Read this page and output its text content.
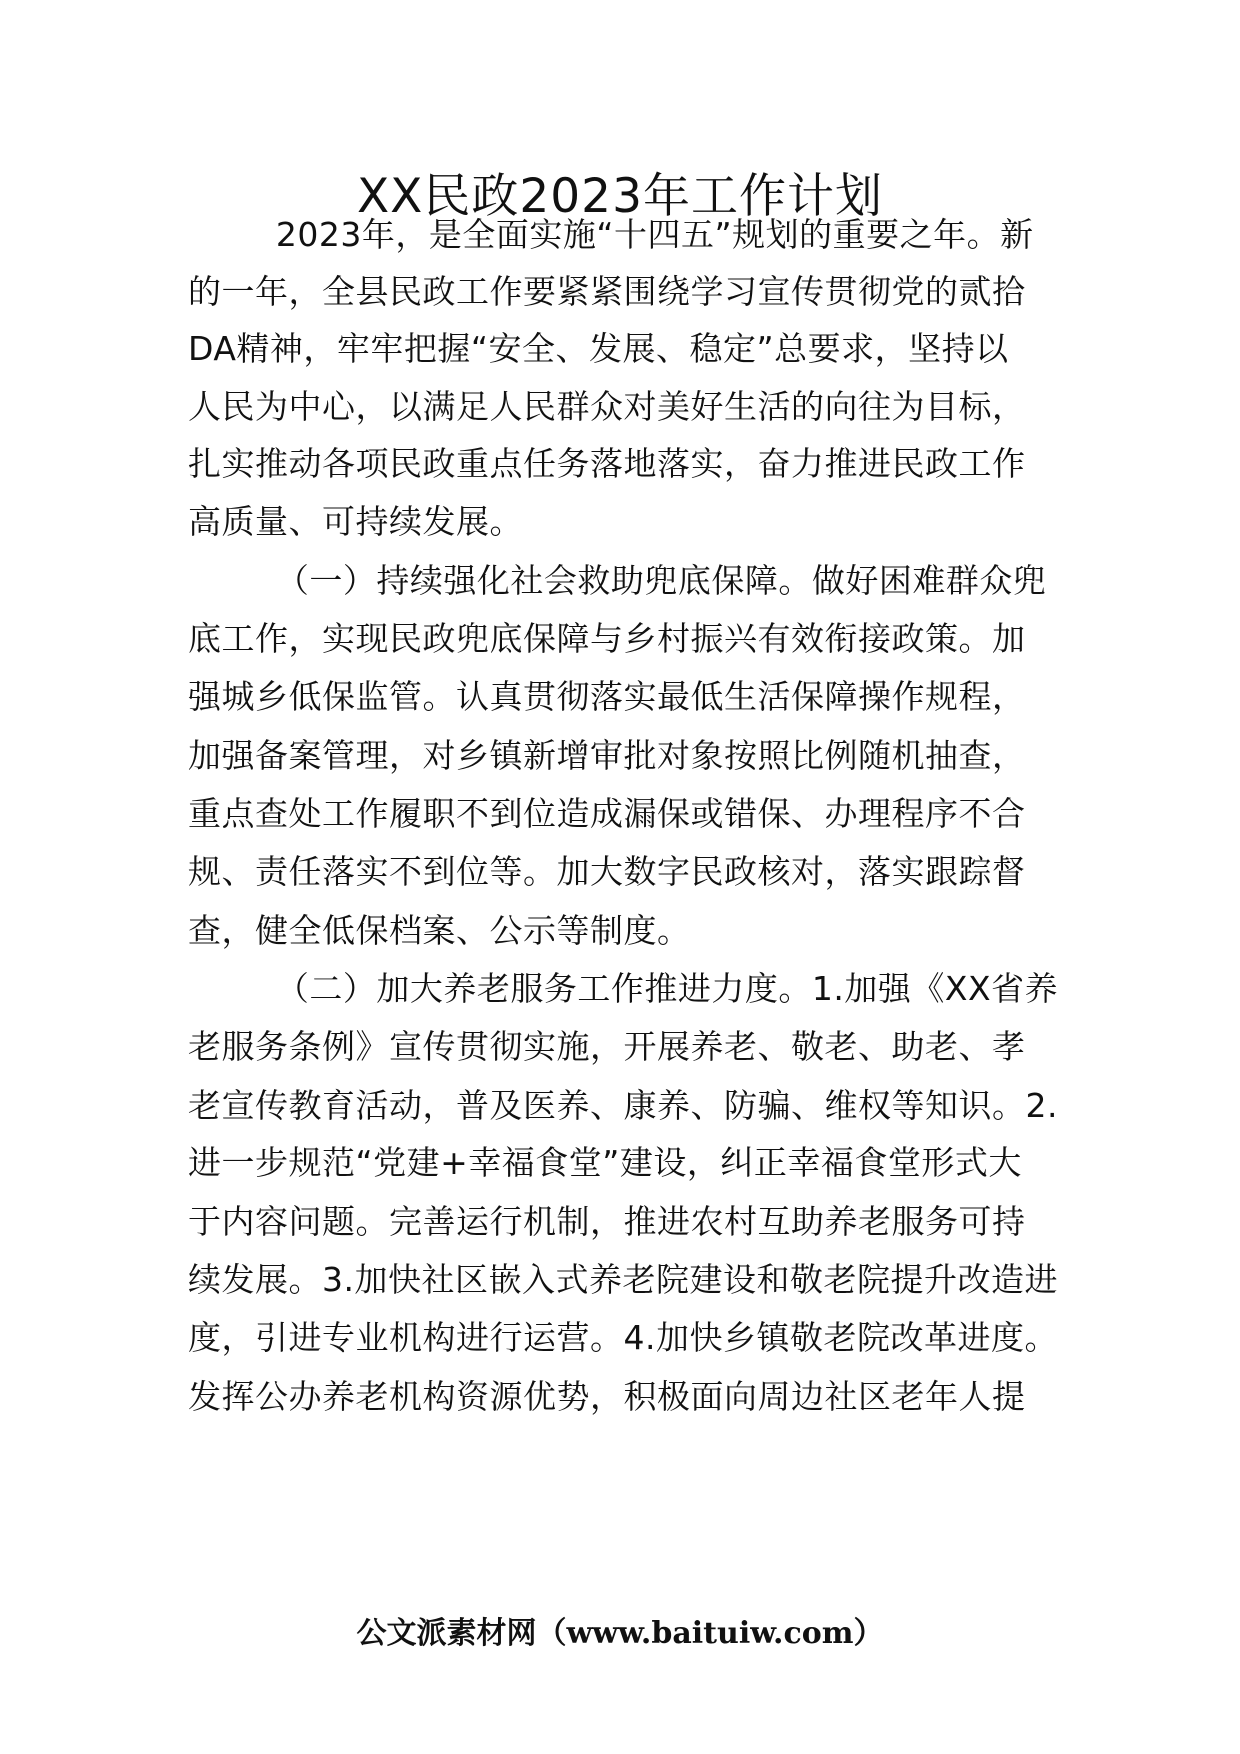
XX民政2023年工作计划
2023年，是全面实施“十四五”规划的重要之年。新
的一年，全县民政工作要紧紧围绕学习宣传贯彻党的贰拾
DA精神，牢牢把握“安全、发展、稳定”总要求，坚持以
人民为中心，以满足人民群众对美好生活的向往为目标，
扎实推动各项民政重点任务落地落实，奋力推进民政工作
高质量、可持续发展。
（一）持续强化社会救助兜底保障。做好困难群众兜
底工作，实现民政兜底保障与乡村振兴有效衔接政策。加
强城乡低保监管。认真贯彻落实最低生活保障操作规程，
加强备案管理，对乡镇新增审批对象按照比例随机抽查，
重点查处工作履职不到位造成漏保或错保、办理程序不合
规、责任落实不到位等。加大数字民政核对，落实跟踪督
查，健全低保档案、公示等制度。
（二）加大养老服务工作推进力度。1.加强《XX省养
老服务条例》宣传贯彻实施，开展养老、敬老、助老、孝
老宣传教育活动，普及医养、康养、防骗、维权等知识。2.
进一步规范“党建+幸福食堂”建设，纠正幸福食堂形式大
于内容问题。完善运行机制，推进农村互助养老服务可持
续发展。3.加快社区嵌入式养老院建设和敬老院提升改造进
度，引进专业机构进行运营。4.加快乡镇敬老院改革进度。
发挥公办养老机构资源优势，积极面向周边社区老年人提
公文派素材网（www.baituiw.com）
